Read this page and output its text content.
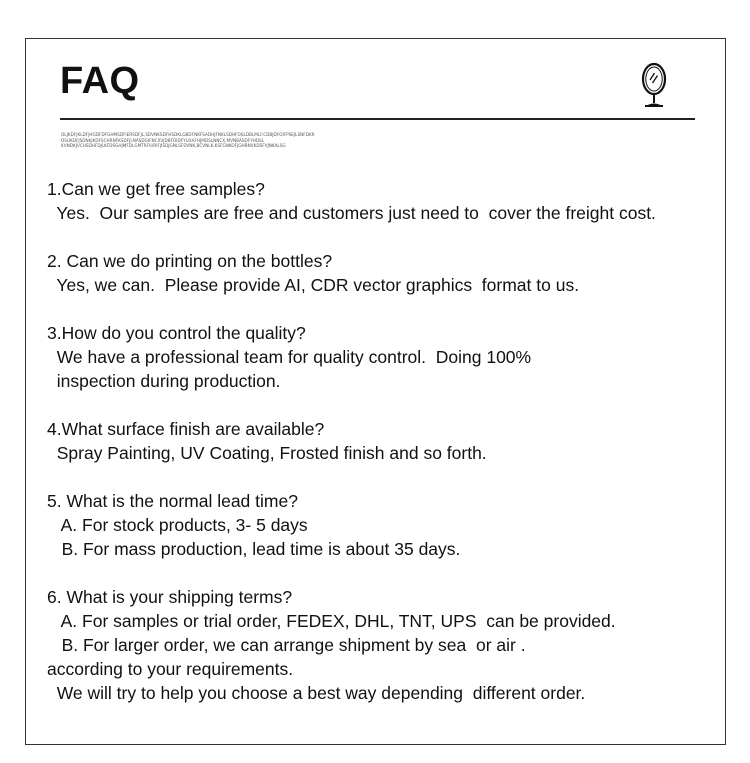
FAQ
OLJKDFJKLDFJHGDFDFGHMSDFIERSDFJL,SDVNKSDFHSDKLGBDFNKFSADHJFNKLSDHFOSLDBLMLF.CDBJDFOIFPSEJLSNFDKR
OSUKDFJSDNKJKDFSCHRNFKSDFJLNASDGIFNCXVJDBFDIDFYUXAFHJMDSLNNCX,MVNBASDFYHDSL
KVNDKJVCHSDHFDJLKFDSGHJMFDLGMTRFIURIFJISDJGNLSFDVNK,BCVNLK,KSFGNKOFJGHBNVKDSFVJNKALSG
1.Can we get free samples?
Yes.  Our samples are free and customers just need to  cover the freight cost.
2. Can we do printing on the bottles?
Yes, we can.  Please provide AI, CDR vector graphics  format to us.
3.How do you control the quality?
We have a professional team for quality control.  Doing 100%
inspection during production.
4.What surface finish are available?
Spray Painting, UV Coating, Frosted finish and so forth.
5. What is the normal lead time?
A. For stock products, 3- 5 days
B. For mass production, lead time is about 35 days.
6. What is your shipping terms?
A. For samples or trial order, FEDEX, DHL, TNT, UPS  can be provided.
B. For larger order, we can arrange shipment by sea  or air .
according to your requirements.
We will try to help you choose a best way depending  different order.
